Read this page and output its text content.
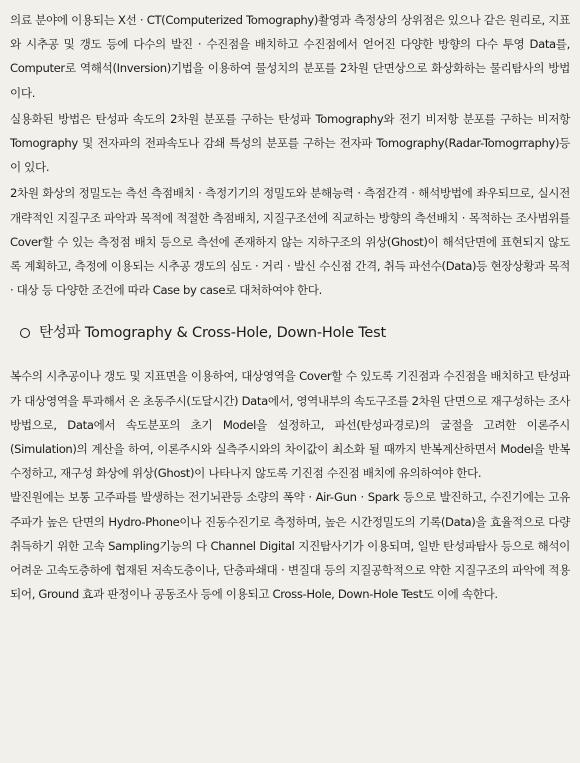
의료 분야에 이용되는 X선 · CT(Computerized Tomography)촬영과 측정상의 상위점은 있으나 같은 원리로, 지표와 시추공 및 갱도 등에 다수의 발진 · 수진점을 배치하고 수진점에서 얻어진 다양한 방향의 다수 투영 Data를, Computer로 역해석(Inversion)기법을 이용하여 물성치의 분포를 2차원 단면상으로 화상화하는 물리탐사의 방법이다.

실용화된 방법은 탄성파 속도의 2차원 분포를 구하는 탄성파 Tomography와 전기 비저항 분포를 구하는 비저항 Tomography 및 전자파의 전파속도나 감쇄 특성의 분포를 구하는 전자파 Tomography(Radar-Tomogrraphy)등이 있다.

2차원 화상의 정밀도는 측선 측점배치 · 측정기기의 정밀도와 분해능력 · 측점간격 · 해석방법에 좌우되므로, 실시전 개략적인 지질구조 파악과 목적에 적절한 측점배치, 지질구조선에 직교하는 방향의 측선배치 · 목적하는 조사범위를 Cover할 수 있는 측정점 배치 등으로 측선에 존재하지 않는 지하구조의 위상(Ghost)이 해석단면에 표현되지 않도록 계획하고, 측정에 이용되는 시추공 갱도의 심도 · 거리 · 발신 수신점 간격, 취득 파선수(Data)등 현장상황과 목적 · 대상 등 다양한 조건에 따라 Case by case로 대처하여야 한다.

탄성파 Tomography & Cross-Hole, Down-Hole Test

복수의 시추공이나 갱도 및 지표면을 이용하여, 대상영역을 Cover할 수 있도록 기진점과 수진점을 배치하고 탄성파가 대상영역을 투과해서 온 초동주시(도달시간) Data에서, 영역내부의 속도구조를 2차원 단면으로 재구성하는 조사방법으로, Data에서 속도분포의 초기 Model을 설정하고, 파선(탄성파경로)의 굴절을 고려한 이론주시(Simulation)의 계산을 하여, 이론주시와 실측주시와의 차이값이 최소화 될 때까지 반복계산하면서 Model을 반복 수정하고, 재구성 화상에 위상(Ghost)이 나타나지 않도록 기진점 수진점 배치에 유의하여야 한다.

발진원에는 보통 고주파를 발생하는 전기뇌관등 소량의 폭약 · Air-Gun · Spark 등으로 발진하고, 수진기에는 고유주파가 높은 단면의 Hydro-Phone이나 진동수진기로 측정하며, 높은 시간정밀도의 기록(Data)을 효율적으로 다량 취득하기 위한 고속 Sampling기능의 다 Channel Digital 지진탐사기가 이용되며, 일반 탄성파탐사 등으로 해석이 어려운 고속도층하에 협재된 저속도층이나, 단층파쇄대 · 변질대 등의 지질공학적으로 약한 지질구조의 파악에 적용되어, Ground 효과 판정이나 공동조사 등에 이용되고 Cross-Hole, Down-Hole Test도 이에 속한다.
